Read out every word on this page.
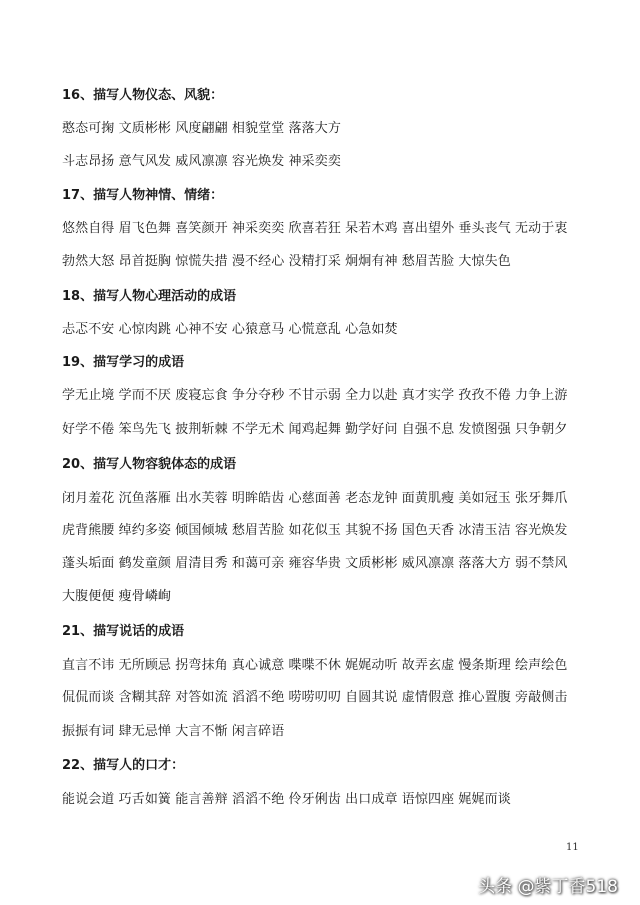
16、描写人物仪态、风貌：
憨态可掬 文质彬彬 风度翩翩 相貌堂堂 落落大方
斗志昂扬 意气风发 威风凛凛 容光焕发 神采奕奕
17、描写人物神情、情绪：
悠然自得 眉飞色舞 喜笑颜开 神采奕奕 欣喜若狂 呆若木鸡 喜出望外 垂头丧气 无动于衷
勃然大怒 昂首挺胸 惊慌失措 漫不经心 没精打采 炯炯有神 愁眉苦脸 大惊失色
18、描写人物心理活动的成语
忐忑不安 心惊肉跳 心神不安 心猿意马 心慌意乱 心急如焚
19、描写学习的成语
学无止境 学而不厌 废寝忘食 争分夺秒 不甘示弱 全力以赴 真才实学 孜孜不倦 力争上游
好学不倦 笨鸟先飞 披荆斩棘 不学无术 闻鸡起舞 勤学好问 自强不息 发愤图强 只争朝夕
20、描写人物容貌体态的成语
闭月羞花 沉鱼落雁 出水芙蓉 明眸皓齿 心慈面善 老态龙钟 面黄肌瘦 美如冠玉 张牙舞爪
虎背熊腰 绰约多姿 倾国倾城 愁眉苦脸 如花似玉 其貌不扬 国色天香 冰清玉洁 容光焕发
蓬头垢面 鹤发童颜 眉清目秀 和蔼可亲 雍容华贵 文质彬彬 威风凛凛 落落大方 弱不禁风
大腹便便 瘦骨嶙峋
21、描写说话的成语
直言不讳 无所顾忌 拐弯抹角 真心诚意 喋喋不休 娓娓动听 故弄玄虚 慢条斯理 绘声绘色
侃侃而谈 含糊其辞 对答如流 滔滔不绝 唠唠叨叨 自圆其说 虚情假意 推心置腹 旁敲侧击
振振有词 肆无忌惮 大言不惭 闲言碎语
22、描写人的口才：
能说会道 巧舌如簧 能言善辩 滔滔不绝 伶牙俐齿 出口成章 语惊四座 娓娓而谈
11
头条 @紫丁香518
